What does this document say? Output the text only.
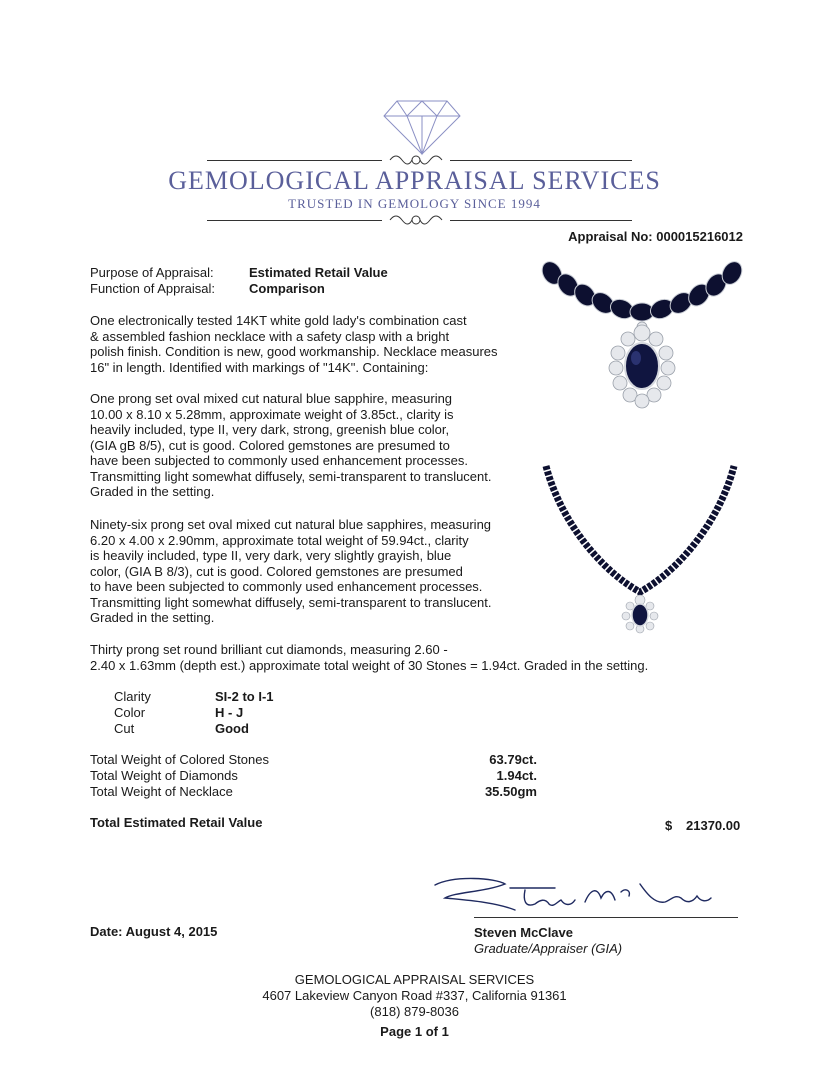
GEMOLOGICAL APPRAISAL SERVICES
TRUSTED IN GEMOLOGY SINCE 1994
Appraisal No: 000015216012
Purpose of Appraisal:	Estimated Retail Value
Function of Appraisal:	Comparison
One electronically tested 14KT white gold lady's combination cast
& assembled fashion necklace with a safety clasp with a bright
polish finish. Condition is new, good workmanship. Necklace measures
16" in length. Identified with markings of "14K". Containing:
One prong set oval mixed cut natural blue sapphire, measuring
10.00 x 8.10 x 5.28mm, approximate weight of 3.85ct., clarity is
heavily included, type II, very dark, strong, greenish blue color,
(GIA gB 8/5), cut is good. Colored gemstones are presumed to
have been subjected to commonly used enhancement processes.
Transmitting light somewhat diffusely, semi-transparent to translucent.
Graded in the setting.
Ninety-six prong set oval mixed cut natural blue sapphires, measuring
6.20 x 4.00 x 2.90mm, approximate total weight of 59.94ct., clarity
is heavily included, type II, very dark, very slightly grayish, blue
color, (GIA B 8/3), cut is good. Colored gemstones are presumed
to have been subjected to commonly used enhancement processes.
Transmitting light somewhat diffusely, semi-transparent to translucent.
Graded in the setting.
Thirty prong set round brilliant cut diamonds, measuring 2.60 -
2.40 x 1.63mm (depth est.) approximate total weight of 30 Stones = 1.94ct. Graded in the setting.
Clarity	SI-2 to I-1
Color	H - J
Cut	Good
Total Weight of Colored Stones	63.79ct.
Total Weight of Diamonds	1.94ct.
Total Weight of Necklace	35.50gm
Total Estimated Retail Value	$ 21370.00
Date: August 4, 2015	Steven McClave
Graduate/Appraiser (GIA)
GEMOLOGICAL APPRAISAL SERVICES
4607 Lakeview Canyon Road #337, California 91361
(818) 879-8036
Page 1 of 1
